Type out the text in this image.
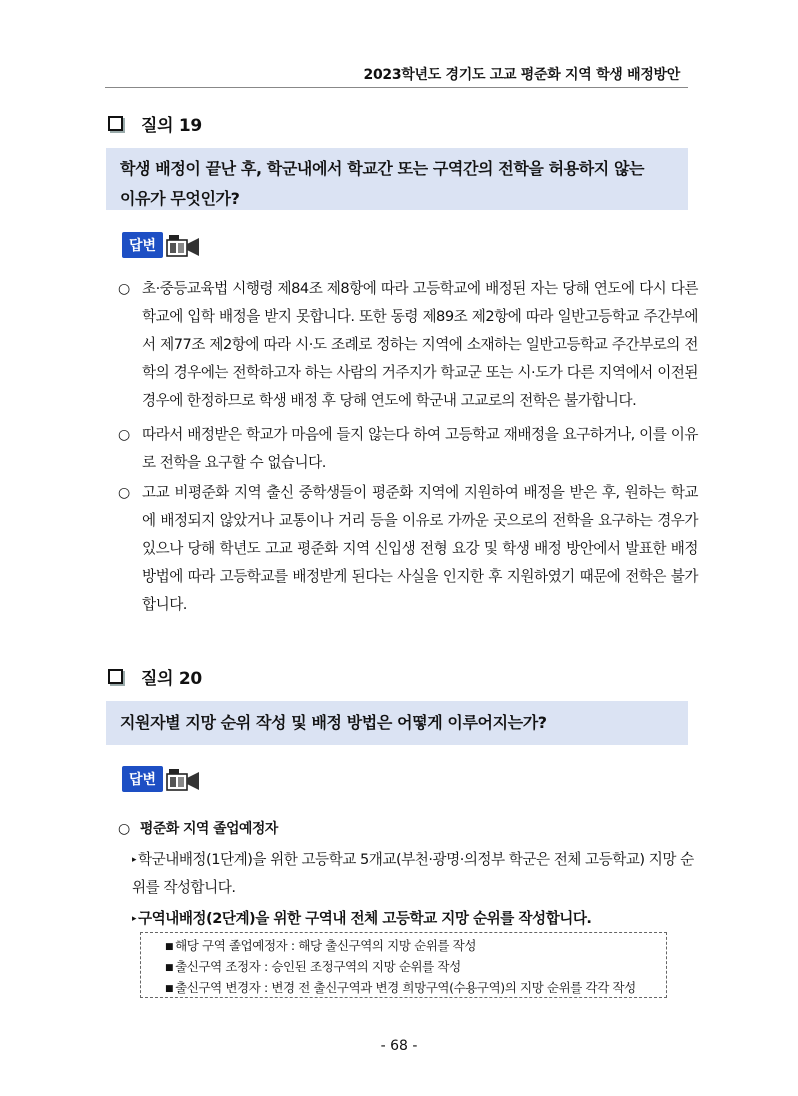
2023학년도 경기도 고교 평준화 지역 학생 배정방안
질의 19
학생 배정이 끝난 후, 학군내에서 학교간 또는 구역간의 전학을 허용하지 않는
이유가 무엇인가?
답변
○ 초·중등교육법 시행령 제84조 제8항에 따라 고등학교에 배정된 자는 당해 연도에 다시 다른 학교에 입학 배정을 받지 못합니다. 또한 동령 제89조 제2항에 따라 일반고등학교 주간부에서 제77조 제2항에 따라 시·도 조례로 정하는 지역에 소재하는 일반고등학교 주간부로의 전학의 경우에는 전학하고자 하는 사람의 거주지가 학교군 또는 시·도가 다른 지역에서 이전된 경우에 한정하므로 학생 배정 후 당해 연도에 학군내 고교로의 전학은 불가합니다.
○ 따라서 배정받은 학교가 마음에 들지 않는다 하여 고등학교 재배정을 요구하거나, 이를 이유로 전학을 요구할 수 없습니다.
○ 고교 비평준화 지역 출신 중학생들이 평준화 지역에 지원하여 배정을 받은 후, 원하는 학교에 배정되지 않았거나 교통이나 거리 등을 이유로 가까운 곳으로의 전학을 요구하는 경우가 있으나 당해 학년도 고교 평준화 지역 신입생 전형 요강 및 학생 배정 방안에서 발표한 배정방법에 따라 고등학교를 배정받게 된다는 사실을 인지한 후 지원하였기 때문에 전학은 불가합니다.
질의 20
지원자별 지망 순위 작성 및 배정 방법은 어떻게 이루어지는가?
답변
○ 평준화 지역 졸업예정자
▸ 학군내배정(1단계)을 위한 고등학교 5개교(부천·광명·의정부 학군은 전체 고등학교) 지망 순위를 작성합니다.
▸ 구역내배정(2단계)을 위한 구역내 전체 고등학교 지망 순위를 작성합니다.
■ 해당 구역 졸업예정자 : 해당 출신구역의 지망 순위를 작성
■ 출신구역 조정자 : 승인된 조정구역의 지망 순위를 작성
■ 출신구역 변경자 : 변경 전 출신구역과 변경 희망구역(수용구역)의 지망 순위를 각각 작성
- 68 -
